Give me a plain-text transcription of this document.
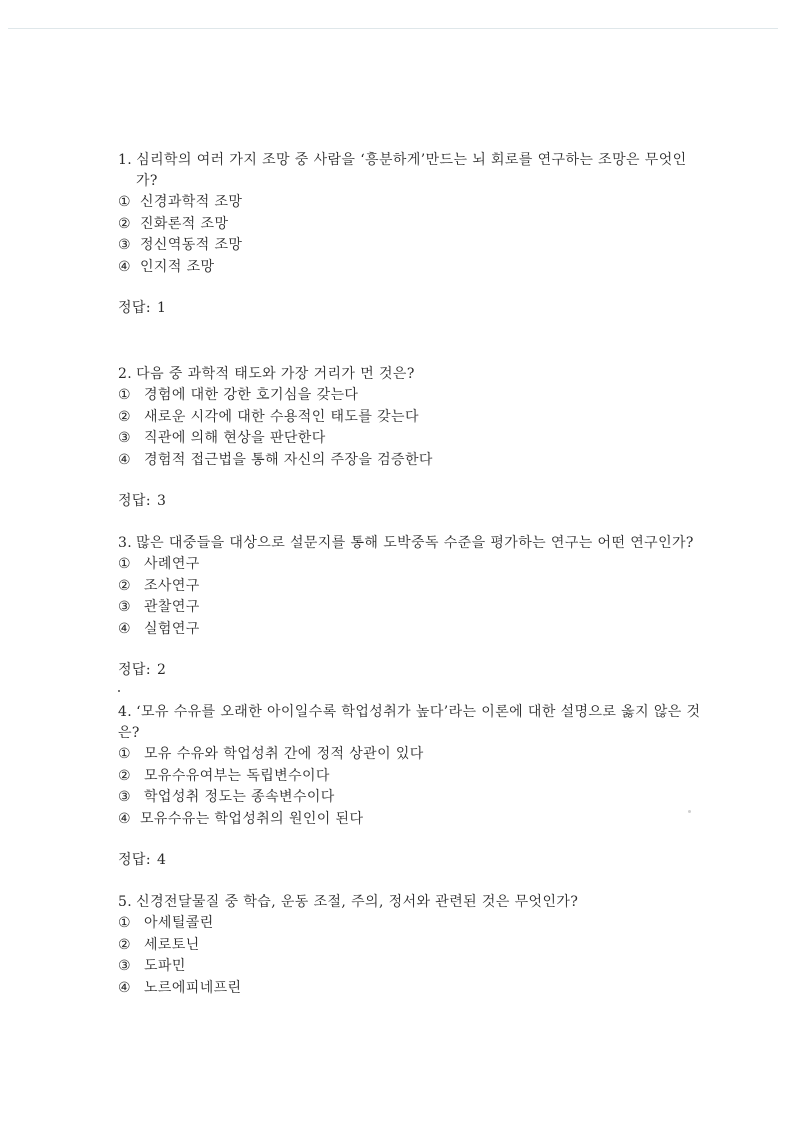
1. 심리학의 여러 가지 조망 중 사람을 ‘흥분하게’만드는 뇌 회로를 연구하는 조망은 무엇인
가?
① 신경과학적 조망
② 진화론적 조망
③ 정신역동적 조망
④ 인지적 조망
정답: 1
2. 다음 중 과학적 태도와 가장 거리가 먼 것은?
① 경험에 대한 강한 호기심을 갖는다
② 새로운 시각에 대한 수용적인 태도를 갖는다
③ 직관에 의해 현상을 판단한다
④ 경험적 접근법을 통해 자신의 주장을 검증한다
정답: 3
3. 많은 대중들을 대상으로 설문지를 통해 도박중독 수준을 평가하는 연구는 어떤 연구인가?
① 사례연구
② 조사연구
③ 관찰연구
④ 실험연구
정답: 2
4. ‘모유 수유를 오래한 아이일수록 학업성취가 높다’라는 이론에 대한 설명으로 옳지 않은 것
은?
① 모유 수유와 학업성취 간에 정적 상관이 있다
② 모유수유여부는 독립변수이다
③ 학업성취 정도는 종속변수이다
④ 모유수유는 학업성취의 원인이 된다
정답: 4
5. 신경전달물질 중 학습, 운동 조절, 주의, 정서와 관련된 것은 무엇인가?
① 아세틸콜린
② 세로토닌
③ 도파민
④ 노르에피네프린
